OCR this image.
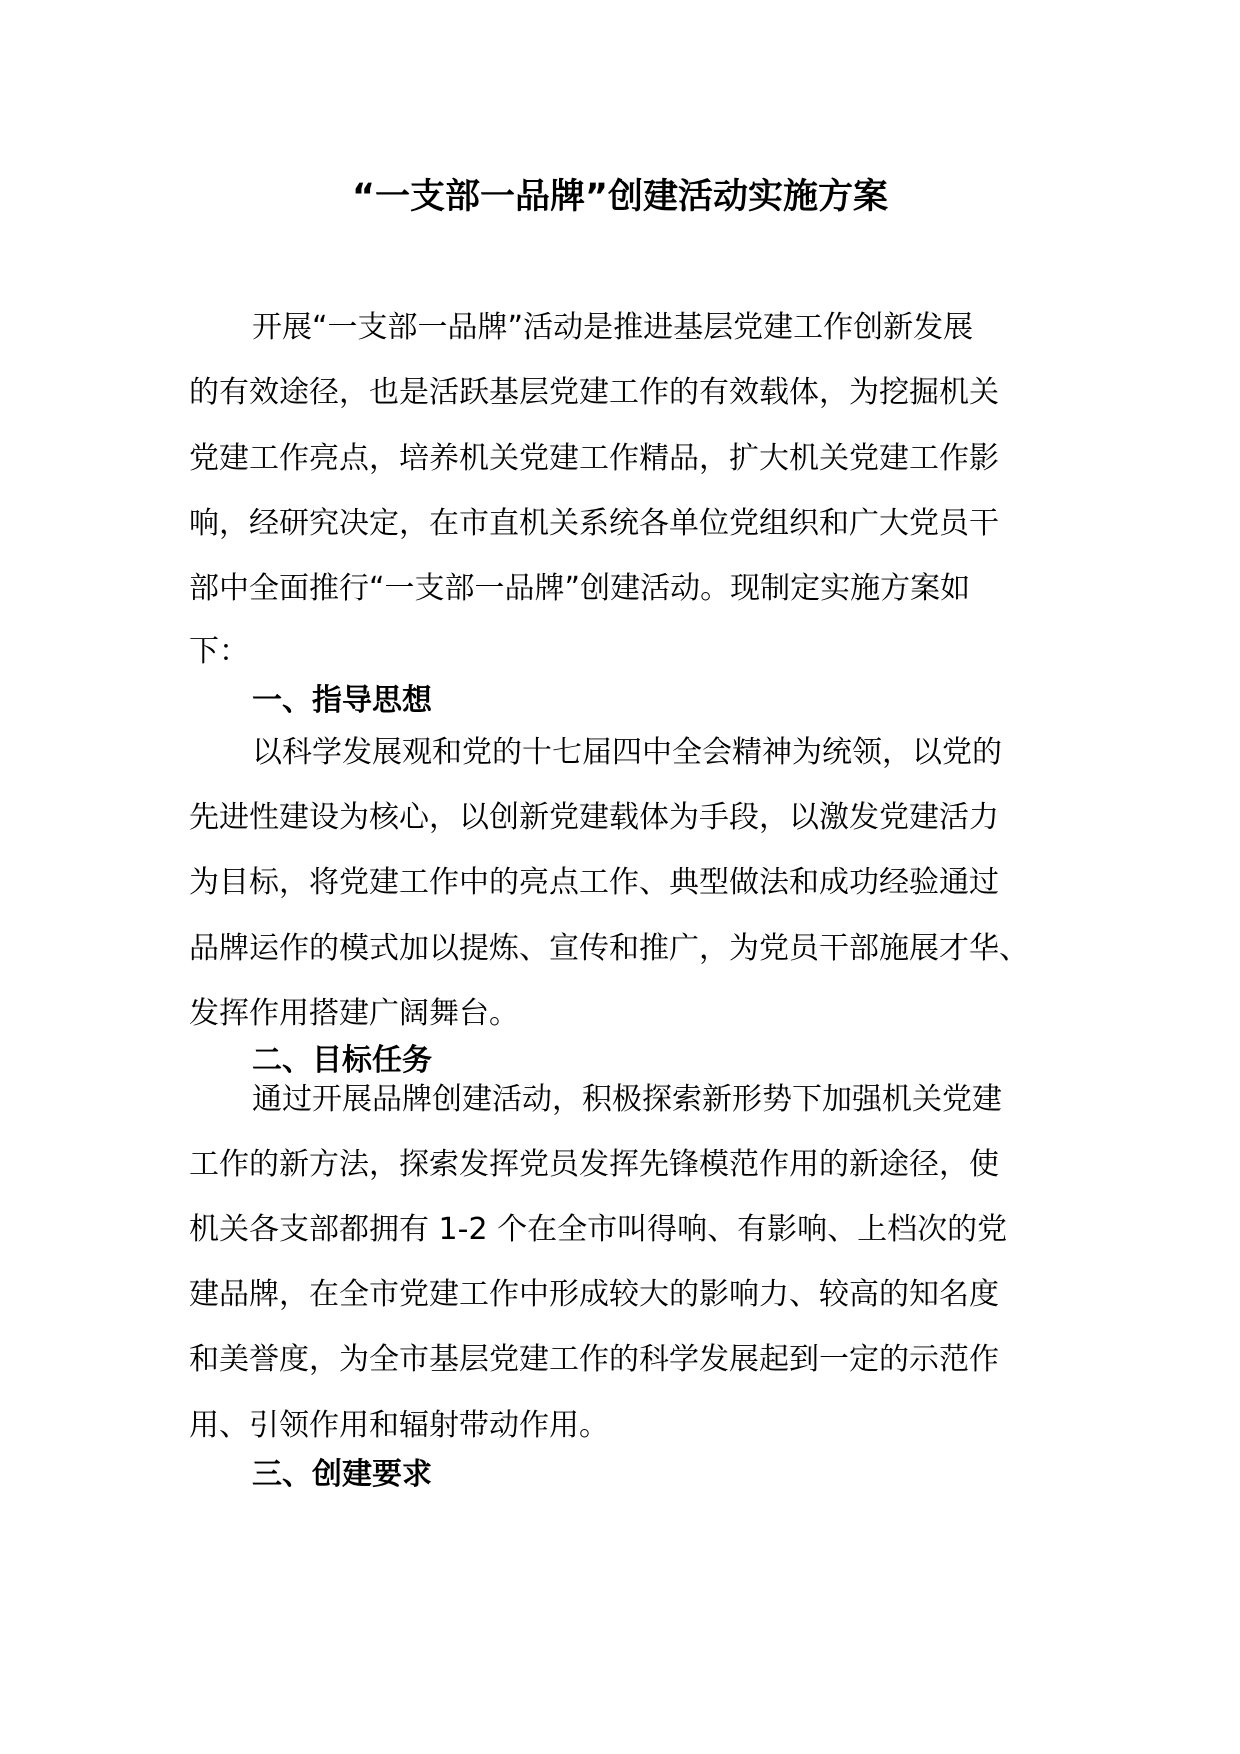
“一支部一品牌”创建活动实施方案
开展“一支部一品牌”活动是推进基层党建工作创新发展
的有效途径，也是活跃基层党建工作的有效载体，为挖掘机关
党建工作亮点，培养机关党建工作精品，扩大机关党建工作影
响，经研究决定，在市直机关系统各单位党组织和广大党员干
部中全面推行“一支部一品牌”创建活动。现制定实施方案如
下：
一、指导思想
以科学发展观和党的十七届四中全会精神为统领，以党的
先进性建设为核心，以创新党建载体为手段，以激发党建活力
为目标，将党建工作中的亮点工作、典型做法和成功经验通过
品牌运作的模式加以提炼、宣传和推广，为党员干部施展才华、
发挥作用搭建广阔舞台。
二、目标任务
通过开展品牌创建活动，积极探索新形势下加强机关党建
工作的新方法，探索发挥党员发挥先锋模范作用的新途径，使
机关各支部都拥有 1-2 个在全市叫得响、有影响、上档次的党
建品牌，在全市党建工作中形成较大的影响力、较高的知名度
和美誉度，为全市基层党建工作的科学发展起到一定的示范作
用、引领作用和辐射带动作用。
三、创建要求
